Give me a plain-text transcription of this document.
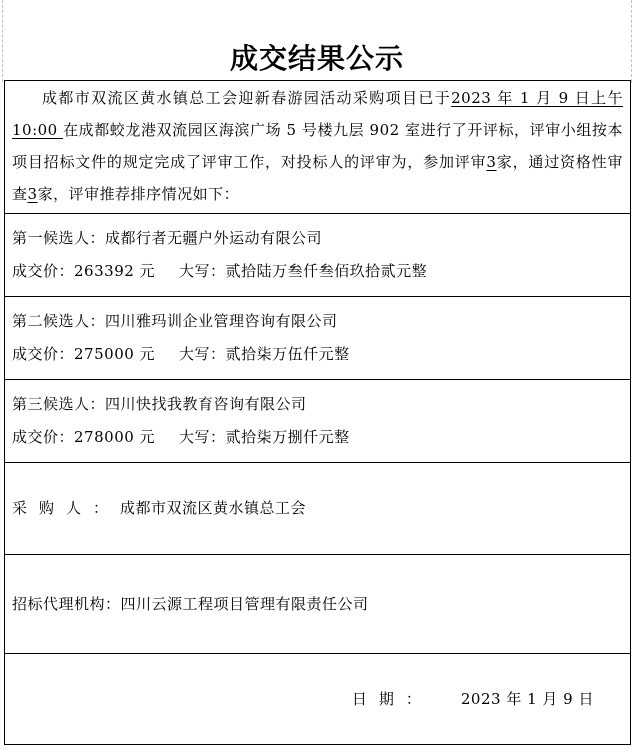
成交结果公示
成都市双流区黄水镇总工会迎新春游园活动采购项目已于2023 年 1 月 9 日上午 10:00 在成都蛟龙港双流园区海滨广场 5 号楼九层 902 室进行了开评标，评审小组按本项目招标文件的规定完成了评审工作，对投标人的评审为，参加评审3家，通过资格性审查3家，评审推荐排序情况如下：

第一候选人：成都行者无疆户外运动有限公司
成交价：263392 元 大写：贰拾陆万叁仟叁佰玖拾贰元整

第二候选人：四川雅玛训企业管理咨询有限公司
成交价：275000 元 大写：贰拾柒万伍仟元整

第三候选人：四川快找我教育咨询有限公司
成交价：278000 元 大写：贰拾柒万捌仟元整

采购人：成都市双流区黄水镇总工会
招标代理机构：四川云源工程项目管理有限责任公司
日期： 2023 年 1 月 9 日
